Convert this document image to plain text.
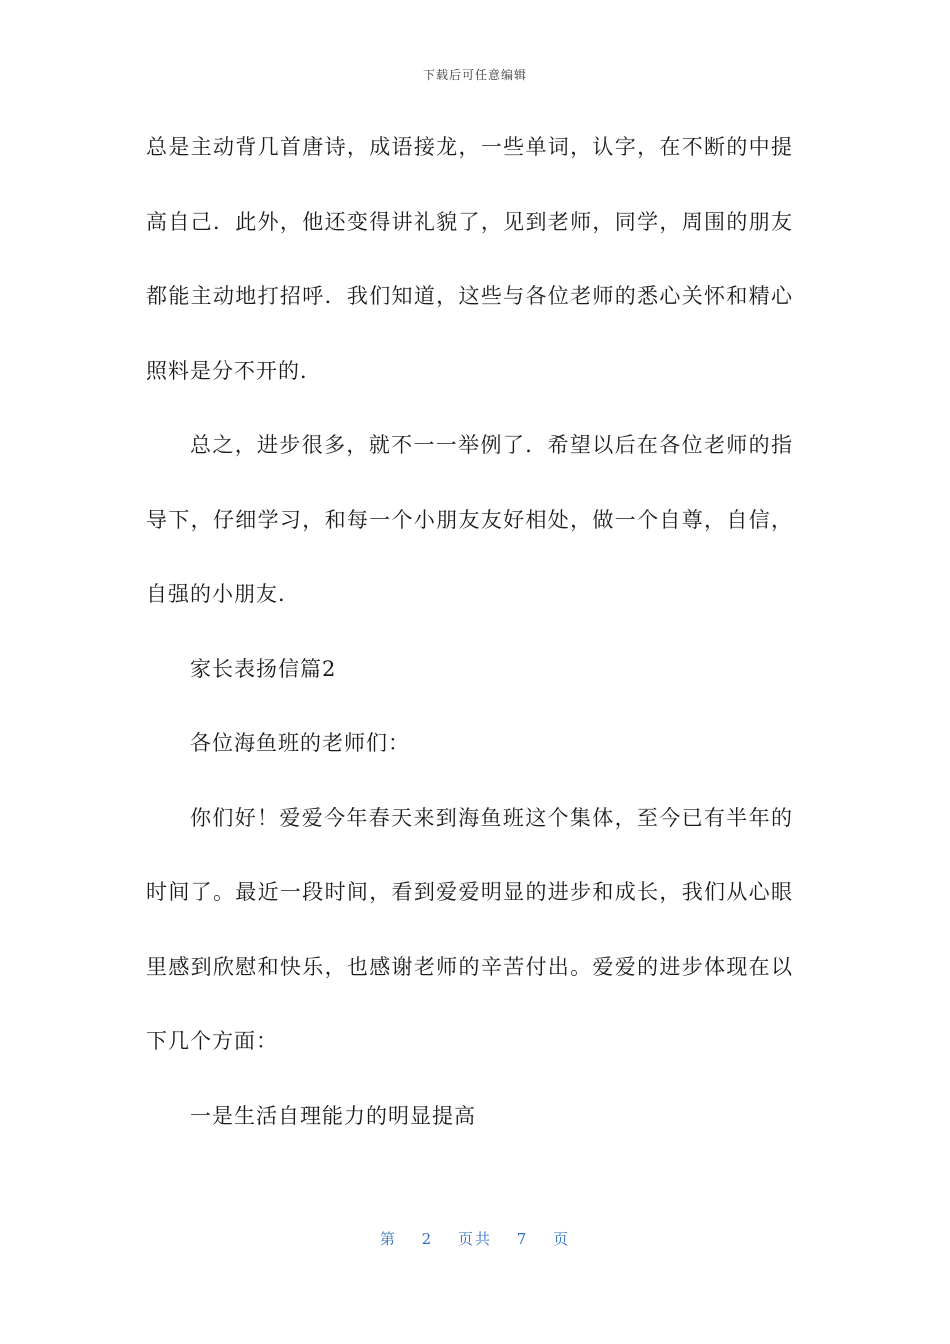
下载后可任意编辑
总是主动背几首唐诗，成语接龙，一些单词，认字，在不断的中提
高自己．此外，他还变得讲礼貌了，见到老师，同学，周围的朋友
都能主动地打招呼．我们知道，这些与各位老师的悉心关怀和精心
照料是分不开的．
总之，进步很多，就不一一举例了．希望以后在各位老师的指
导下，仔细学习，和每一个小朋友友好相处，做一个自尊，自信，
自强的小朋友．
家长表扬信篇2
各位海鱼班的老师们：
你们好！爱爱今年春天来到海鱼班这个集体，至今已有半年的
时间了。最近一段时间，看到爱爱明显的进步和成长，我们从心眼
里感到欣慰和快乐，也感谢老师的辛苦付出。爱爱的进步体现在以
下几个方面：
一是生活自理能力的明显提高
第 2 页共 7 页
